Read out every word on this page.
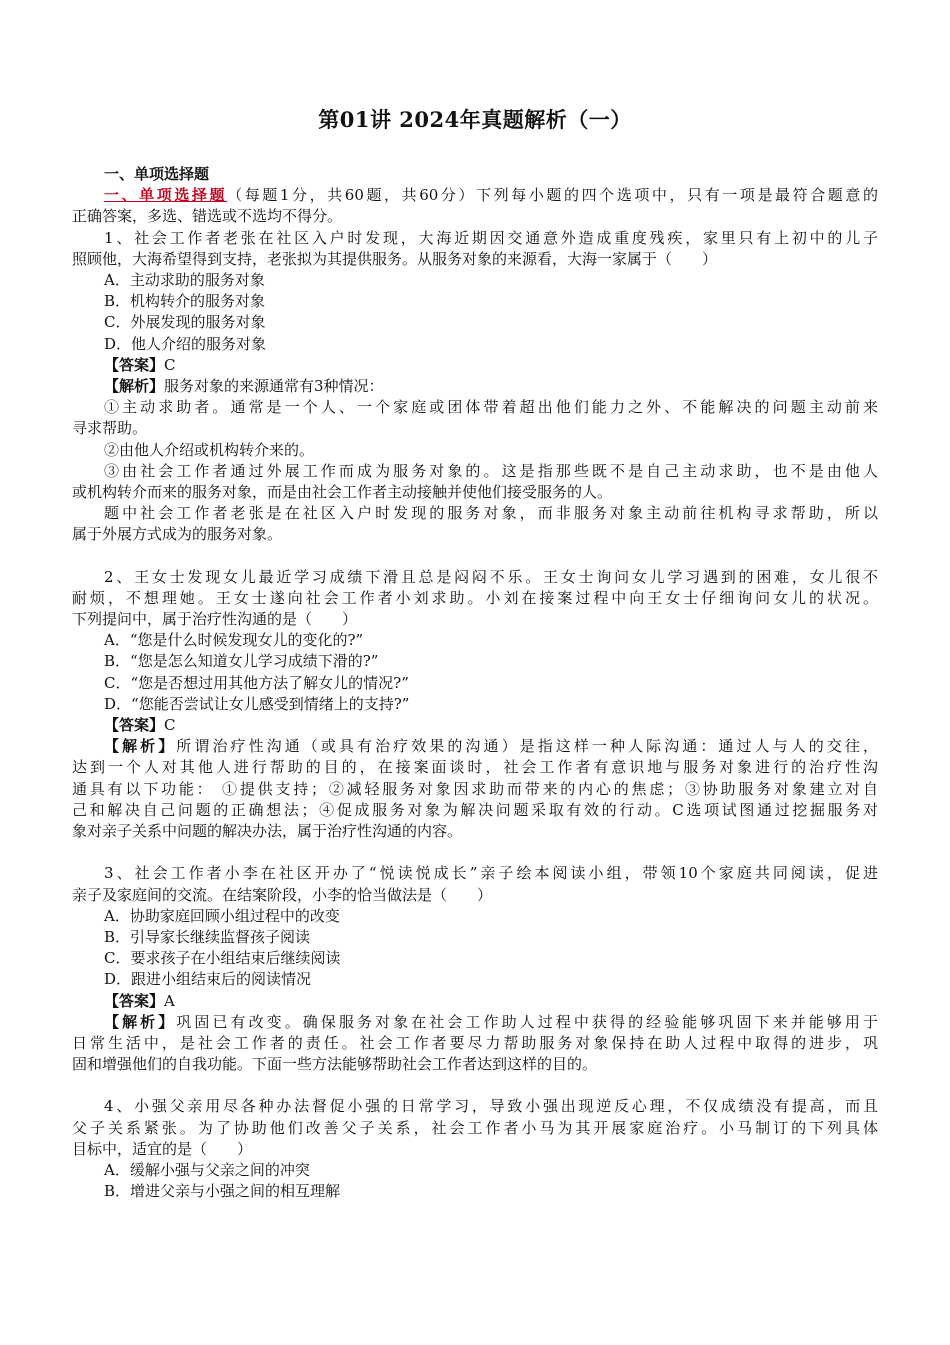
第01讲 2024年真题解析（一）

一、单项选择题

一、单项选择题（每题1分，共60题，共60分）下列每小题的四个选项中，只有一项是最符合题意的

正确答案，多选、错选或不选均不得分。

1、社会工作者老张在社区入户时发现，大海近期因交通意外造成重度残疾，家里只有上初中的儿子

照顾他，大海希望得到支持，老张拟为其提供服务。从服务对象的来源看，大海一家属于（　　）

A．主动求助的服务对象

B．机构转介的服务对象

C．外展发现的服务对象

D．他人介绍的服务对象

【答案】C

【解析】服务对象的来源通常有3种情况：

①主动求助者。通常是一个人、一个家庭或团体带着超出他们能力之外、不能解决的问题主动前来

寻求帮助。

②由他人介绍或机构转介来的。

③由社会工作者通过外展工作而成为服务对象的。这是指那些既不是自己主动求助，也不是由他人

或机构转介而来的服务对象，而是由社会工作者主动接触并使他们接受服务的人。

题中社会工作者老张是在社区入户时发现的服务对象，而非服务对象主动前往机构寻求帮助，所以

属于外展方式成为的服务对象。

2、王女士发现女儿最近学习成绩下滑且总是闷闷不乐。王女士询问女儿学习遇到的困难，女儿很不

耐烦，不想理她。王女士遂向社会工作者小刘求助。小刘在接案过程中向王女士仔细询问女儿的状况。

下列提问中，属于治疗性沟通的是（　　）

A．“您是什么时候发现女儿的变化的?”

B．“您是怎么知道女儿学习成绩下滑的?”

C．“您是否想过用其他方法了解女儿的情况?”

D．“您能否尝试让女儿感受到情绪上的支持?”

【答案】C

【解析】所谓治疗性沟通（或具有治疗效果的沟通）是指这样一种人际沟通：通过人与人的交往，

达到一个人对其他人进行帮助的目的，在接案面谈时，社会工作者有意识地与服务对象进行的治疗性沟

通具有以下功能： ①提供支持；②减轻服务对象因求助而带来的内心的焦虑；③协助服务对象建立对自

己和解决自己问题的正确想法；④促成服务对象为解决问题采取有效的行动。C选项试图通过挖掘服务对

象对亲子关系中问题的解决办法，属于治疗性沟通的内容。

3、社会工作者小李在社区开办了“悦读悦成长”亲子绘本阅读小组，带领10个家庭共同阅读，促进

亲子及家庭间的交流。在结案阶段，小李的恰当做法是（　　）

A．协助家庭回顾小组过程中的改变

B．引导家长继续监督孩子阅读

C．要求孩子在小组结束后继续阅读

D．跟进小组结束后的阅读情况

【答案】A

【解析】巩固已有改变。确保服务对象在社会工作助人过程中获得的经验能够巩固下来并能够用于

日常生活中，是社会工作者的责任。社会工作者要尽力帮助服务对象保持在助人过程中取得的进步，巩

固和增强他们的自我功能。下面一些方法能够帮助社会工作者达到这样的目的。

4、小强父亲用尽各种办法督促小强的日常学习，导致小强出现逆反心理，不仅成绩没有提高，而且

父子关系紧张。为了协助他们改善父子关系，社会工作者小马为其开展家庭治疗。小马制订的下列具体

目标中，适宜的是（　　）

A．缓解小强与父亲之间的冲突

B．增进父亲与小强之间的相互理解
